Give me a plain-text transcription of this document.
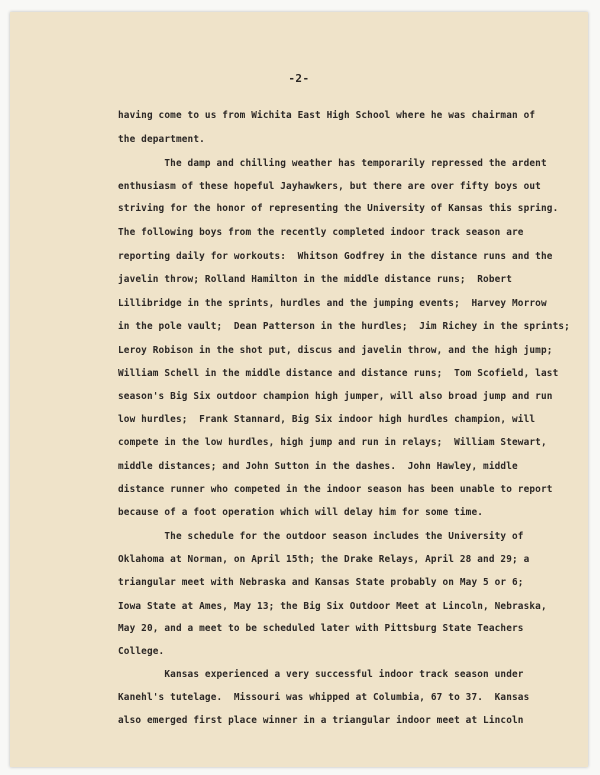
-2-
having come to us from Wichita East High School where he was chairman of
the department.
The damp and chilling weather has temporarily repressed the ardent
enthusiasm of these hopeful Jayhawkers, but there are over fifty boys out
striving for the honor of representing the University of Kansas this spring.
The following boys from the recently completed indoor track season are
reporting daily for workouts:  Whitson Godfrey in the distance runs and the
javelin throw; Rolland Hamilton in the middle distance runs;  Robert
Lillibridge in the sprints, hurdles and the jumping events;  Harvey Morrow
in the pole vault;  Dean Patterson in the hurdles;  Jim Richey in the sprints;
Leroy Robison in the shot put, discus and javelin throw, and the high jump;
William Schell in the middle distance and distance runs;  Tom Scofield, last
season's Big Six outdoor champion high jumper, will also broad jump and run
low hurdles;  Frank Stannard, Big Six indoor high hurdles champion, will
compete in the low hurdles, high jump and run in relays;  William Stewart,
middle distances; and John Sutton in the dashes.  John Hawley, middle
distance runner who competed in the indoor season has been unable to report
because of a foot operation which will delay him for some time.
The schedule for the outdoor season includes the University of
Oklahoma at Norman, on April 15th; the Drake Relays, April 28 and 29; a
triangular meet with Nebraska and Kansas State probably on May 5 or 6;
Iowa State at Ames, May 13; the Big Six Outdoor Meet at Lincoln, Nebraska,
May 20, and a meet to be scheduled later with Pittsburg State Teachers
College.
Kansas experienced a very successful indoor track season under
Kanehl's tutelage.  Missouri was whipped at Columbia, 67 to 37.  Kansas
also emerged first place winner in a triangular indoor meet at Lincoln
